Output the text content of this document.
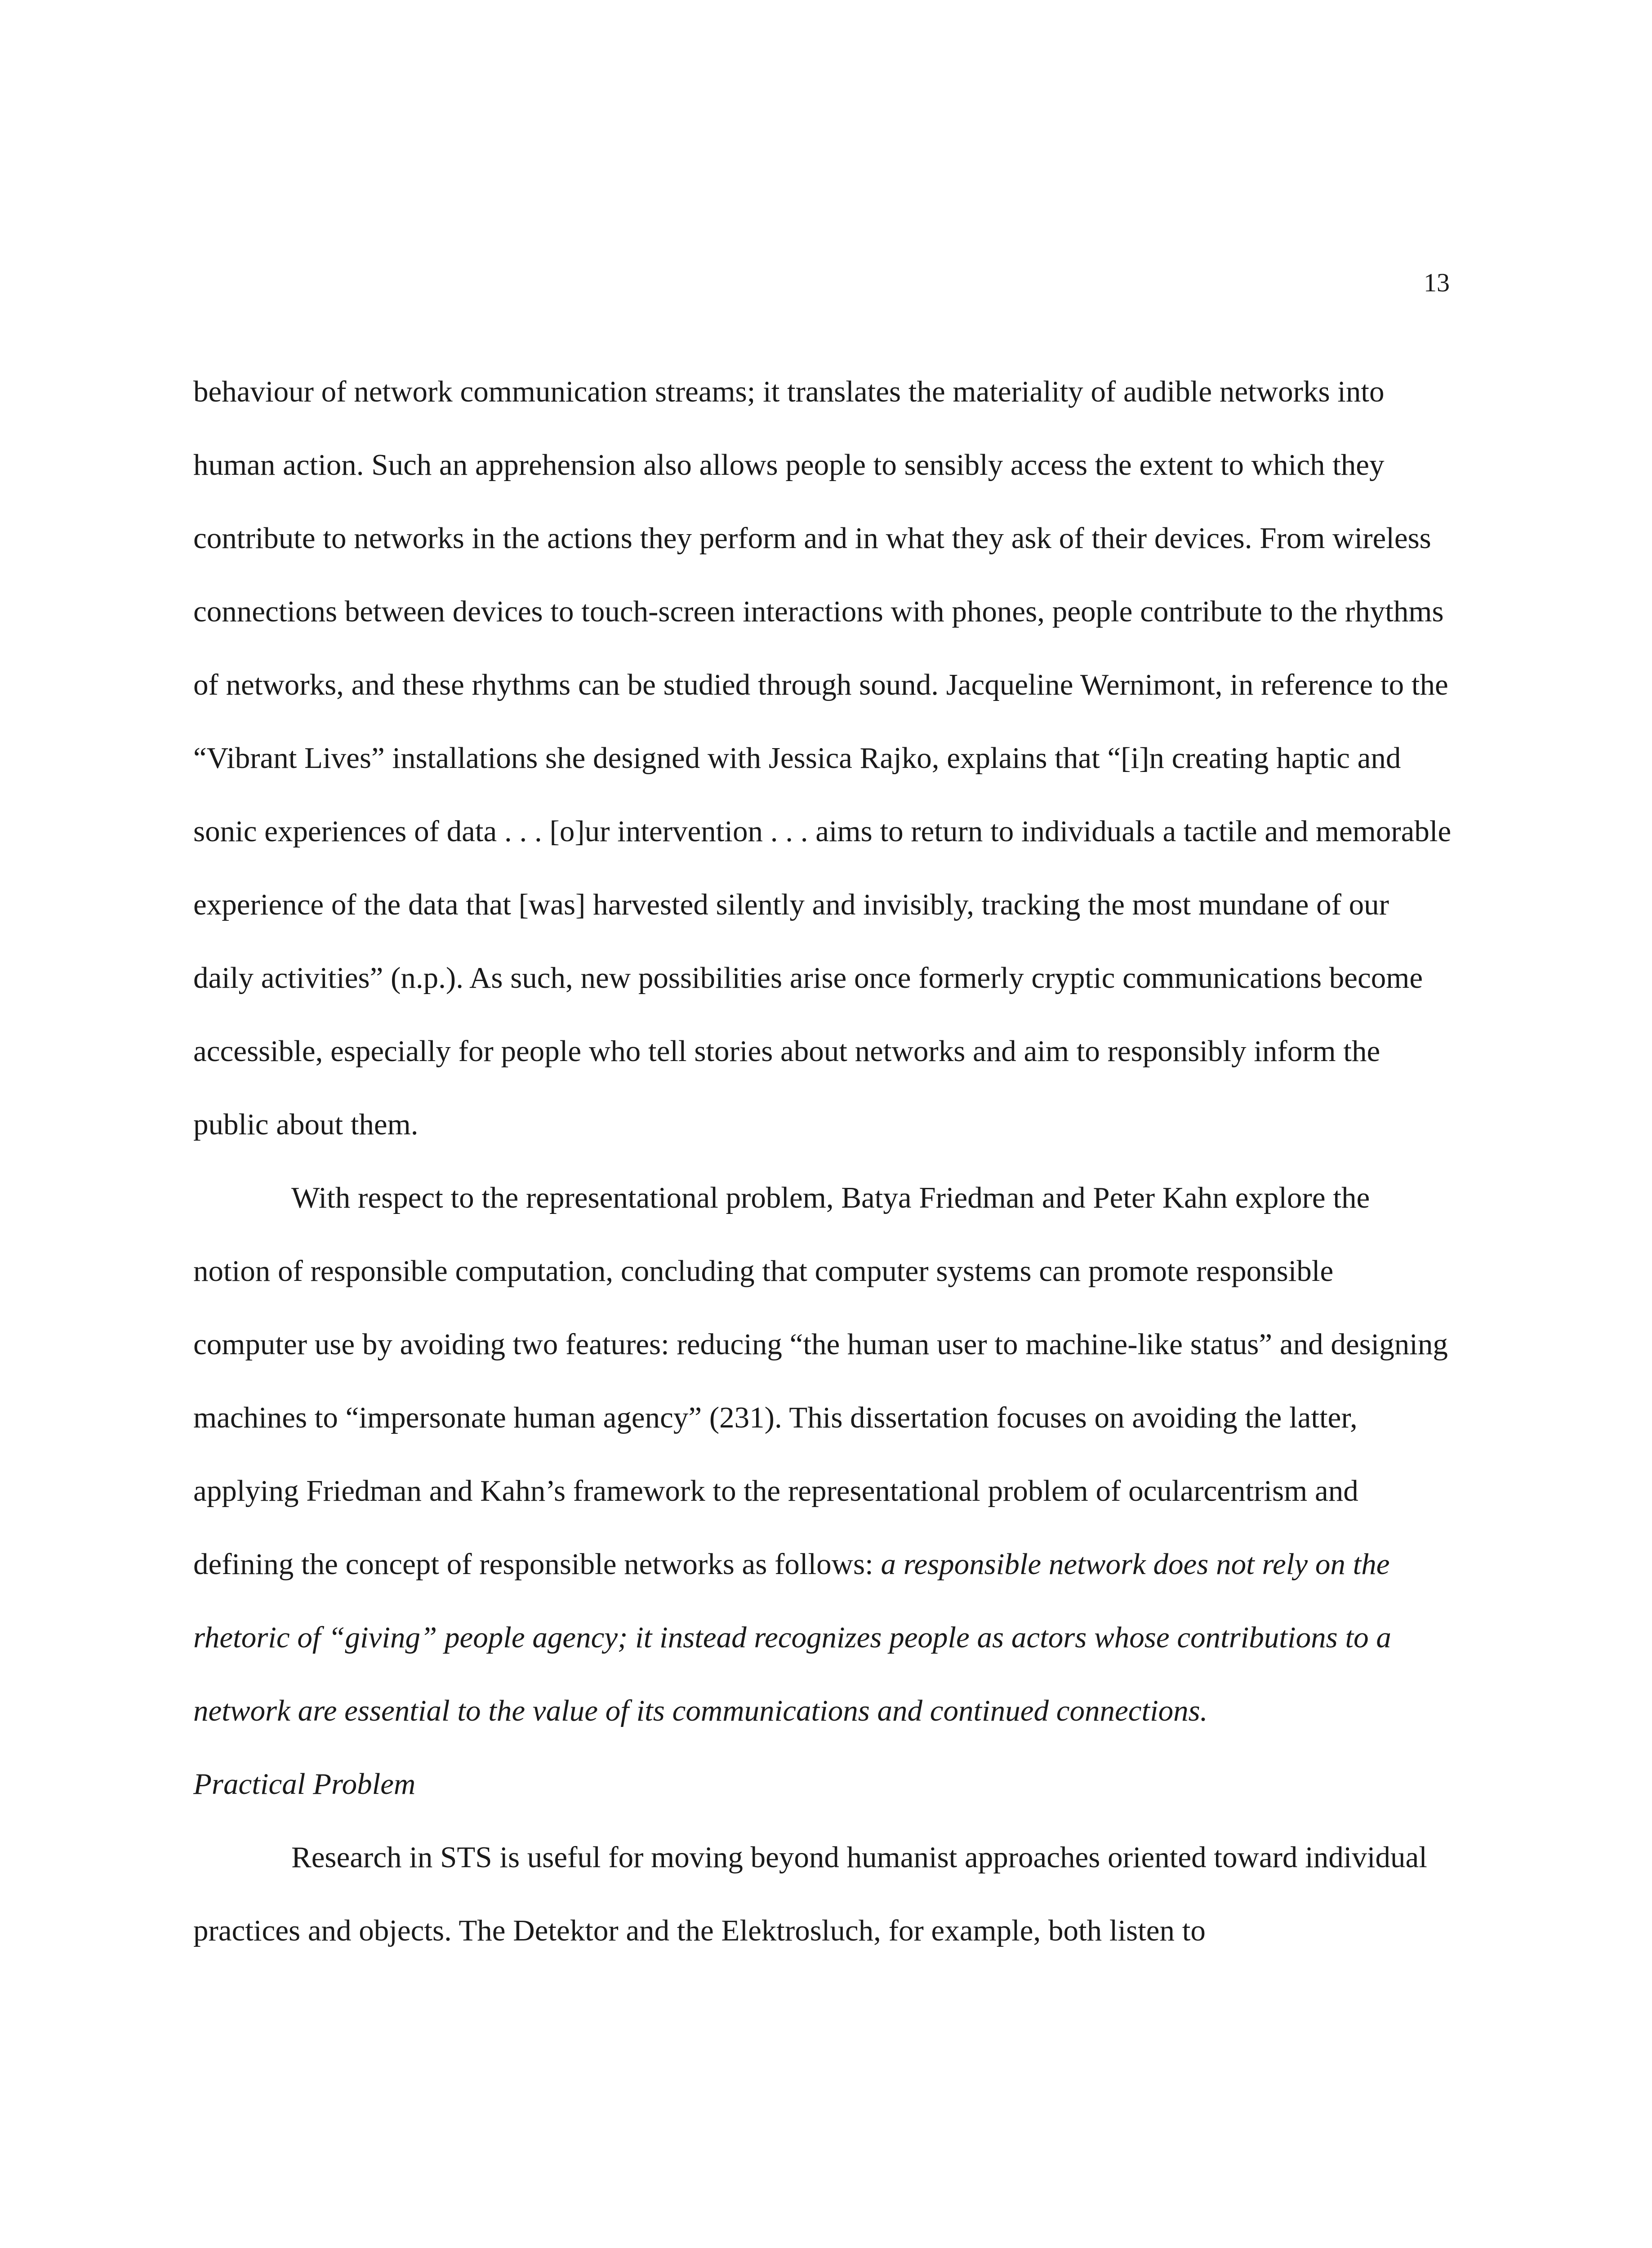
13

behaviour of network communication streams; it translates the materiality of audible networks into human action. Such an apprehension also allows people to sensibly access the extent to which they contribute to networks in the actions they perform and in what they ask of their devices. From wireless connections between devices to touch-screen interactions with phones, people contribute to the rhythms of networks, and these rhythms can be studied through sound. Jacqueline Wernimont, in reference to the “Vibrant Lives” installations she designed with Jessica Rajko, explains that “[i]n creating haptic and sonic experiences of data . . . [o]ur intervention . . . aims to return to individuals a tactile and memorable experience of the data that [was] harvested silently and invisibly, tracking the most mundane of our daily activities” (n.p.). As such, new possibilities arise once formerly cryptic communications become accessible, especially for people who tell stories about networks and aim to responsibly inform the public about them.

With respect to the representational problem, Batya Friedman and Peter Kahn explore the notion of responsible computation, concluding that computer systems can promote responsible computer use by avoiding two features: reducing “the human user to machine-like status” and designing machines to “impersonate human agency” (231). This dissertation focuses on avoiding the latter, applying Friedman and Kahn’s framework to the representational problem of ocularcentrism and defining the concept of responsible networks as follows: a responsible network does not rely on the rhetoric of “giving” people agency; it instead recognizes people as actors whose contributions to a network are essential to the value of its communications and continued connections.

Practical Problem

Research in STS is useful for moving beyond humanist approaches oriented toward individual practices and objects. The Detektor and the Elektrosluch, for example, both listen to
